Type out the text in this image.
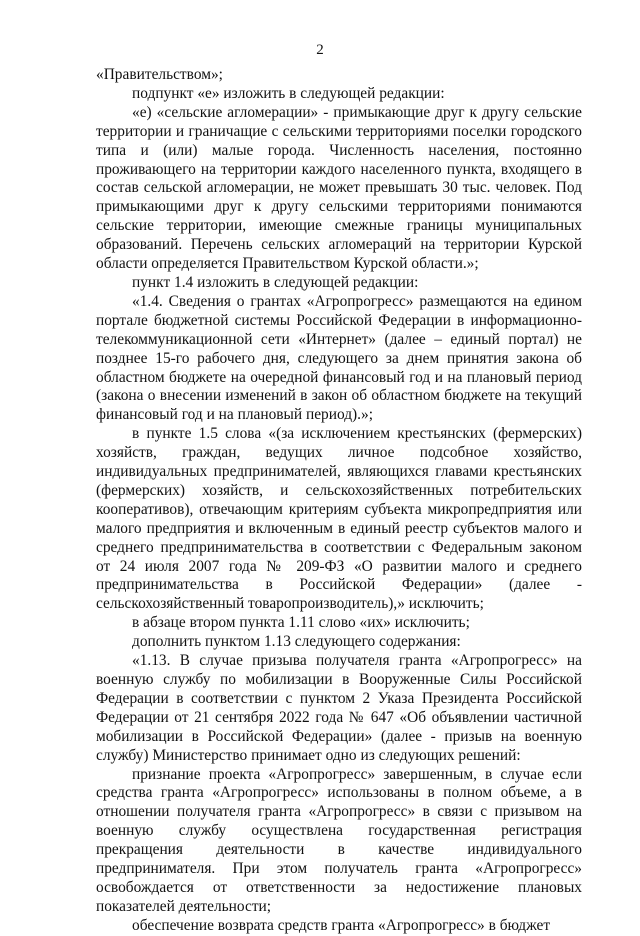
2

«Правительством»;

подпункт «е» изложить в следующей редакции:

«е) «сельские агломерации» - примыкающие друг к другу сельские территории и граничащие с сельскими территориями поселки городского типа и (или) малые города. Численность населения, постоянно проживающего на территории каждого населенного пункта, входящего в состав сельской агломерации, не может превышать 30 тыс. человек. Под примыкающими друг к другу сельскими территориями понимаются сельские территории, имеющие смежные границы муниципальных образований. Перечень сельских агломераций на территории Курской области определяется Правительством Курской области.»;

пункт 1.4 изложить в следующей редакции:

«1.4. Сведения о грантах «Агропрогресс» размещаются на едином портале бюджетной системы Российской Федерации в информационно-телекоммуникационной сети «Интернет» (далее – единый портал) не позднее 15-го рабочего дня, следующего за днем принятия закона об областном бюджете на очередной финансовый год и на плановый период (закона о внесении изменений в закон об областном бюджете на текущий финансовый год и на плановый период).»;

в пункте 1.5 слова «(за исключением крестьянских (фермерских) хозяйств, граждан, ведущих личное подсобное хозяйство, индивидуальных предпринимателей, являющихся главами крестьянских (фермерских) хозяйств, и сельскохозяйственных потребительских кооперативов), отвечающим критериям субъекта микропредприятия или малого предприятия и включенным в единый реестр субъектов малого и среднего предпринимательства в соответствии с Федеральным законом от 24 июля 2007 года № 209-ФЗ «О развитии малого и среднего предпринимательства в Российской Федерации» (далее - сельскохозяйственный товаропроизводитель),» исключить;

в абзаце втором пункта 1.11 слово «их» исключить;

дополнить пунктом 1.13 следующего содержания:

«1.13. В случае призыва получателя гранта «Агропрогресс» на военную службу по мобилизации в Вооруженные Силы Российской Федерации в соответствии с пунктом 2 Указа Президента Российской Федерации от 21 сентября 2022 года № 647 «Об объявлении частичной мобилизации в Российской Федерации» (далее - призыв на военную службу) Министерство принимает одно из следующих решений:

признание проекта «Агропрогресс» завершенным, в случае если средства гранта «Агропрогресс» использованы в полном объеме, а в отношении получателя гранта «Агропрогресс» в связи с призывом на военную службу осуществлена государственная регистрация прекращения деятельности в качестве индивидуального предпринимателя. При этом получатель гранта «Агропрогресс» освобождается от ответственности за недостижение плановых показателей деятельности;

обеспечение возврата средств гранта «Агропрогресс» в бюджет
